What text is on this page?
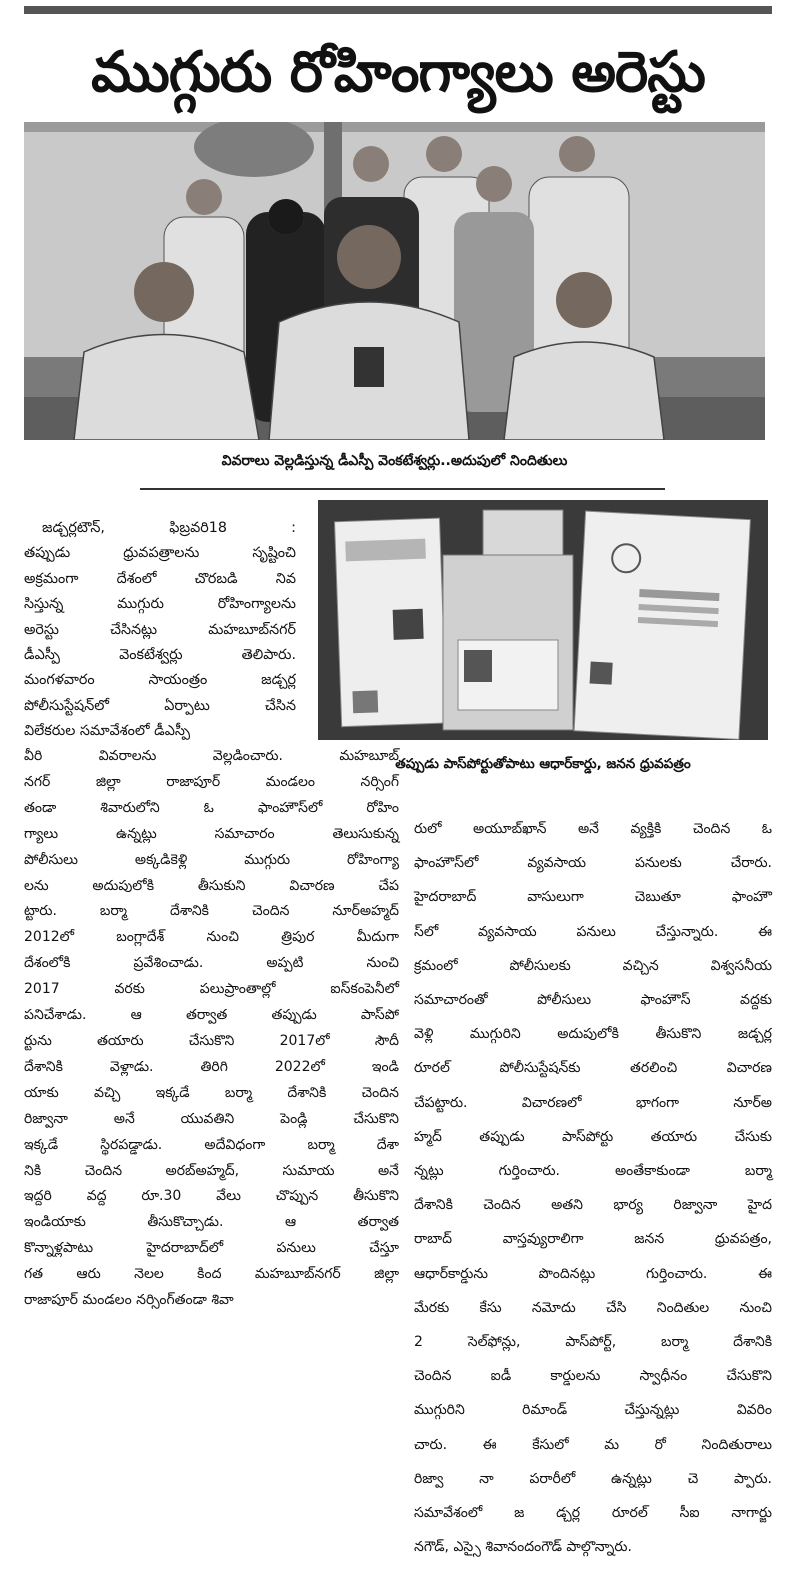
ముగ్గురు రోహింగ్యాలు అరెస్టు
వివరాలు వెల్లడిస్తున్న డీఎస్పీ వెంకటేశ్వర్లు..అదుపులో నిందితులు
తప్పుడు పాస్‌పోర్టుతోపాటు ఆధార్‌కార్డు, జనన ధ్రువపత్రం

జడ్చర్లటౌన్‌, ఫిబ్రవరి18 :

తప్పుడు ధ్రువపత్రాలను సృష్టించి

అక్రమంగా దేశంలో చొరబడి నివ

సిస్తున్న ముగ్గురు రోహింగ్యాలను

అరెస్టు చేసినట్లు మహబూబ్‌నగర్‌

డీఎస్పీ వెంకటేశ్వర్లు తెలిపారు.

మంగళవారం సాయంత్రం జడ్చర్ల

పోలీసుస్టేషన్‌లో ఏర్పాటు చేసిన

విలేకరుల సమావేశంలో డీఎస్పీ

వీరి వివరాలను వెల్లడించారు. మహబూబ్‌

నగర్‌ జిల్లా రాజాపూర్‌ మండలం నర్సింగ్‌

తండా శివారులోని ఓ ఫాంహౌస్‌లో రోహిం

గ్యాలు ఉన్నట్లు సమాచారం తెలుసుకున్న

పోలీసులు అక్కడికెళ్లి ముగ్గురు రోహింగ్యా

లను అదుపులోకి తీసుకుని విచారణ చేప

ట్టారు. బర్మా దేశానికి చెందిన నూర్‌అహ్మద్‌

2012లో బంగ్లాదేశ్‌ నుంచి త్రిపుర మీదుగా

దేశంలోకి ప్రవేశించాడు. అప్పటి నుంచి

2017 వరకు పలుప్రాంతాల్లో ఐస్‌కంపెనీలో

పనిచేశాడు. ఆ తర్వాత తప్పుడు పాస్‌పో

ర్టును తయారు చేసుకొని 2017లో సౌదీ

దేశానికి వెళ్లాడు. తిరిగి 2022లో ఇండి

యాకు వచ్చి ఇక్కడే బర్మా దేశానికి చెందిన

రిజ్వానా అనే యువతిని పెండ్లి చేసుకొని

ఇక్కడే స్థిరపడ్డాడు. అదేవిధంగా బర్మా దేశా

నికి చెందిన అరబ్‌అహ్మద్‌, సుమాయ అనే

ఇద్దరి వద్ద రూ.30 వేలు చొప్పున తీసుకొని

ఇండియాకు తీసుకొచ్చాడు. ఆ తర్వాత

కొన్నాళ్లపాటు హైదరాబాద్‌లో పనులు చేస్తూ

గత ఆరు నెలల కింద మహబూబ్‌నగర్‌ జిల్లా

రాజాపూర్‌ మండలం నర్సింగ్‌తండా శివా

రులో అయూబ్‌ఖాన్‌ అనే వ్యక్తికి చెందిన ఓ

ఫాంహౌస్‌లో వ్యవసాయ పనులకు చేరారు.

హైదరాబాద్‌ వాసులుగా చెబుతూ ఫాంహౌ

స్‌లో వ్యవసాయ పనులు చేస్తున్నారు. ఈ

క్రమంలో పోలీసులకు వచ్చిన విశ్వసనీయ

సమాచారంతో పోలీసులు ఫాంహౌస్‌ వద్దకు

వెళ్లి ముగ్గురిని అదుపులోకి తీసుకొని జడ్చర్ల

రూరల్‌ పోలీసుస్టేషన్‌కు తరలించి విచారణ

చేపట్టారు. విచారణలో భాగంగా నూర్‌అ

హ్మద్‌ తప్పుడు పాస్‌పోర్టు తయారు చేసుకు

న్నట్లు గుర్తించారు. అంతేకాకుండా బర్మా

దేశానికి చెందిన అతని భార్య రిజ్వానా హైద

రాబాద్‌ వాస్తవ్యురాలిగా జనన ధ్రువపత్రం,

ఆధార్‌కార్డును పొందినట్లు గుర్తించారు. ఈ

మేరకు కేసు నమోదు చేసి నిందితుల నుంచి

2 సెల్‌ఫోన్లు, పాస్‌పోర్ట్‌, బర్మా దేశానికి

చెందిన ఐడీ కార్డులను స్వాధీనం చేసుకొని

ముగ్గురిని రిమాండ్‌ చేస్తున్నట్లు వివరిం

చారు. ఈ కేసులో మ రో నిందితురాలు

రిజ్వా నా పరారీలో ఉన్నట్లు చె ప్పారు.

సమావేశంలో జ డ్చర్ల రూరల్‌ సీఐ నాగార్జు

నగౌడ్‌, ఎస్సై శివానందంగౌడ్‌ పాల్గొన్నారు.
